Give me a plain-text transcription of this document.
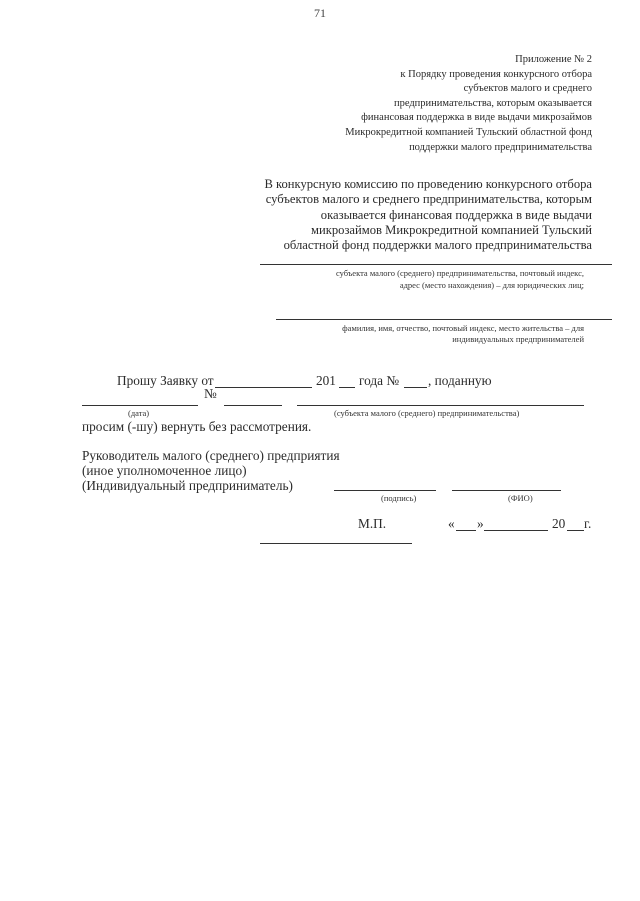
71
Приложение № 2
к Порядку проведения конкурсного отбора
субъектов малого и среднего
предпринимательства, которым оказывается
финансовая поддержка в виде выдачи микрозаймов
Микрокредитной компанией Тульский областной фонд
поддержки малого предпринимательства
В конкурсную комиссию по проведению конкурсного отбора
субъектов малого и среднего предпринимательства, которым
оказывается финансовая поддержка в виде выдачи
микрозаймов Микрокредитной компанией Тульский
областной фонд поддержки малого предпринимательства
субъекта малого (среднего) предпринимательства, почтовый индекс,
адрес (место нахождения) – для юридических лиц;
фамилия, имя, отчество, почтовый индекс, место жительства – для
индивидуальных предпринимателей
Прошу Заявку от	201 года № , поданную
№
(дата)	(субъекта малого (среднего) предпринимательства)
просим (-шу) вернуть без рассмотрения.
Руководитель малого (среднего) предприятия
(иное уполномоченное лицо)
(Индивидуальный предприниматель)
(подпись)	(ФИО)
М.П.	« »	20 г.
